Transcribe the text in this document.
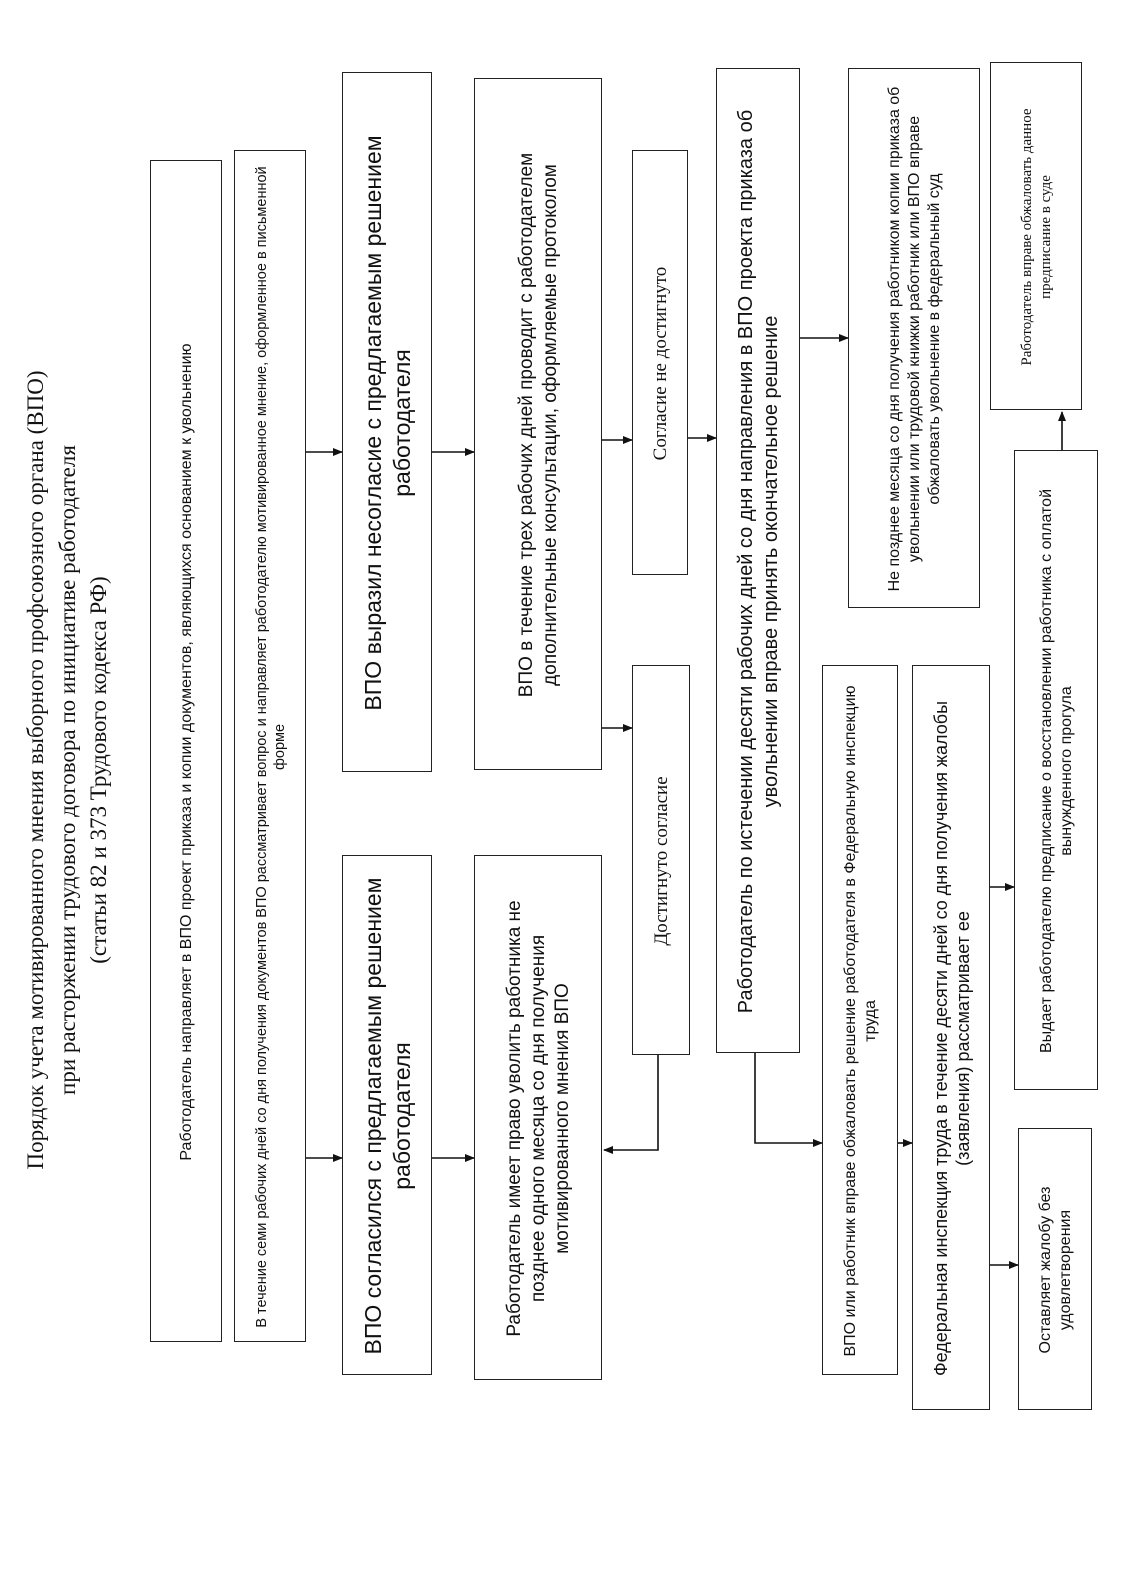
Порядок учета мотивированного мнения выборного профсоюзного органа (ВПО) при расторжении трудового договора по инициативе работодателя (статьи 82 и 373 Трудового кодекса РФ)	Работодатель направляет в ВПО проект приказа и копии документов, являющихся основанием к увольнению	В течение семи рабочих дней со дня получения документов ВПО рассматривает вопрос и направляет работодателю мотивированное мнение, оформленное в письменной форме
ВПО согласился с предлагаемым решением работодателя
ВПО выразил несогласие с предлагаемым решением работодателя
Работодатель имеет право уволить работника не позднее одного месяца со дня получения мотивированного мнения ВПО
ВПО в течение трех рабочих дней проводит с работодателем дополнительные консультации, оформляемые протоколом
Достигнуто согласие
Согласие не достигнуто	Работодатель по истечении десяти рабочих дней со дня направления в ВПО проекта приказа об увольнении вправе принять окончательное решение
ВПО или работник вправе обжаловать решение работодателя в Федеральную инспекцию труда
Не позднее месяца со дня получения работником копии приказа об увольнении или трудовой книжки работник или ВПО вправе обжаловать увольнение в федеральный суд
Федеральная инспекция труда в течение десяти дней со дня получения жалобы (заявления) рассматривает ее
Оставляет жалобу без удовлетворения
Выдает работодателю предписание о восстановлении работника с оплатой вынужденного прогула
Работодатель вправе обжаловать данное предписание в суде
